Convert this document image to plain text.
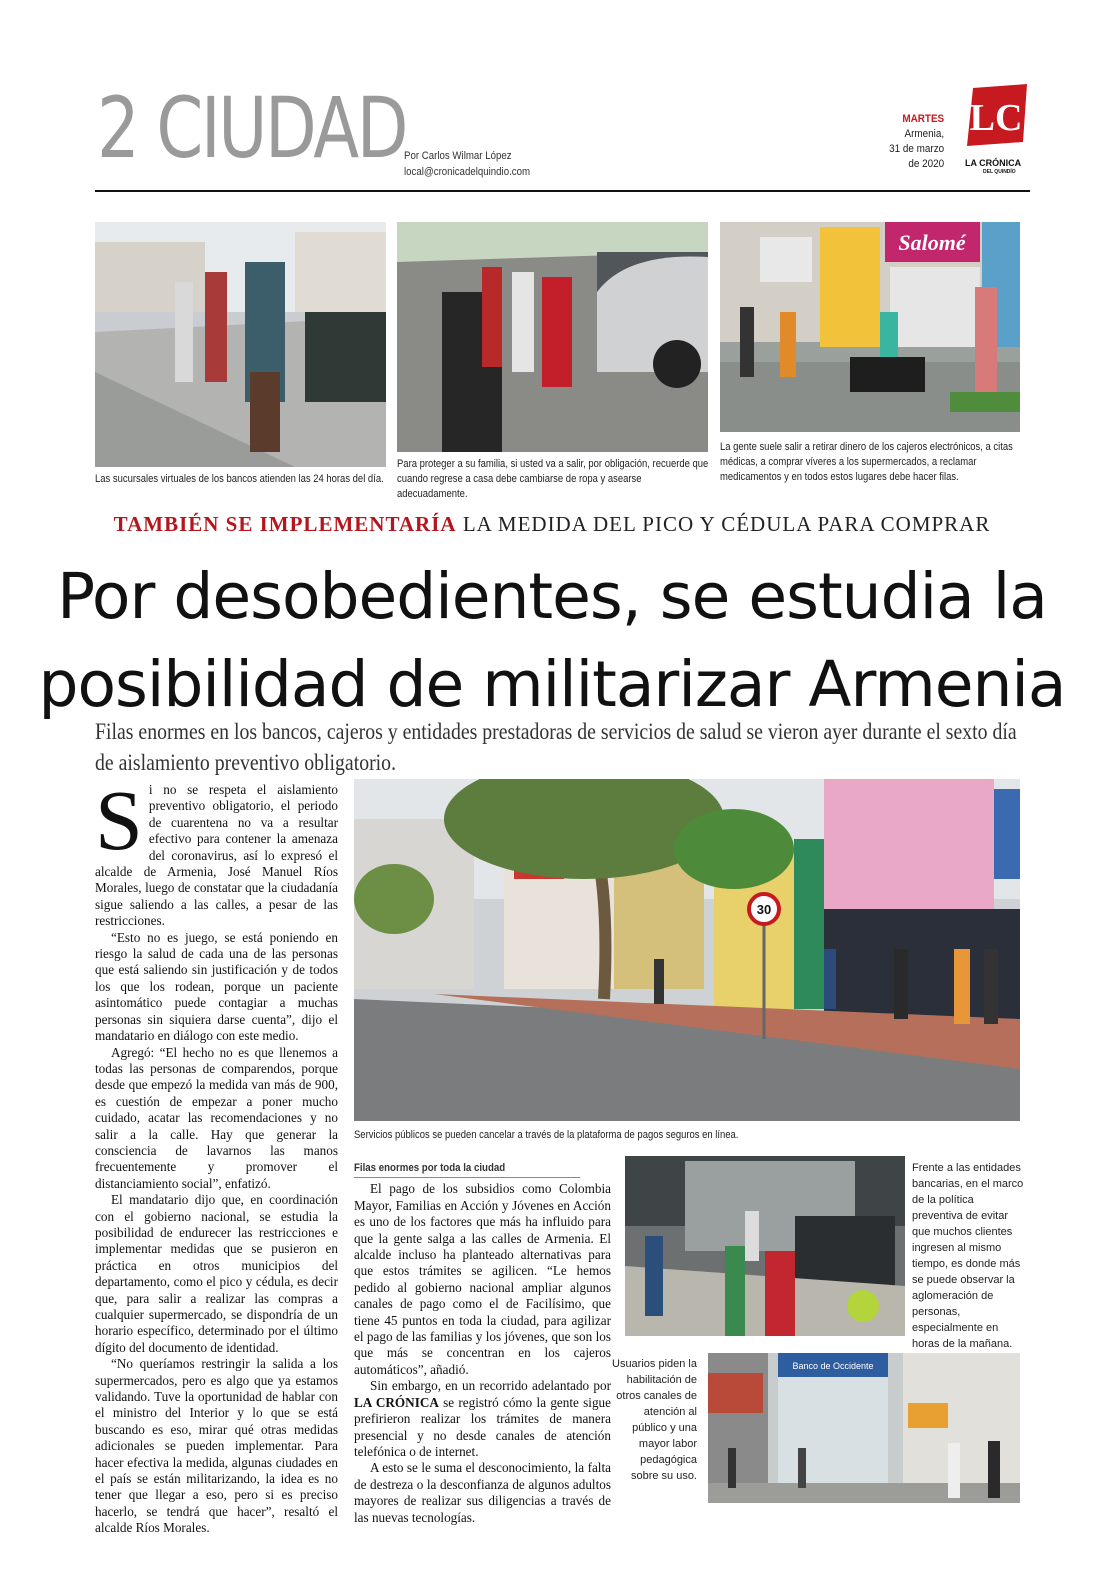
2 CIUDAD
Por Carlos Wilmar López
local@cronicadelquindio.com
MARTES
Armenia,
31 de marzo
de 2020
LC
LA CRÓNICA
DEL QUINDÍO
Las sucursales virtuales de los bancos atienden las 24 horas del día.
Para proteger a su familia, si usted va a salir, por obligación, recuerde que cuando regrese a casa debe cambiarse de ropa y asearse adecuadamente.
Salomé
La gente suele salir a retirar dinero de los cajeros electrónicos, a citas médicas, a comprar víveres a los supermercados, a reclamar medicamentos y en todos estos lugares debe hacer filas.
TAMBIÉN SE IMPLEMENTARÍA LA MEDIDA DEL PICO Y CÉDULA PARA COMPRAR
Por desobedientes, se estudia la
posibilidad de militarizar Armenia
Filas enormes en los bancos, cajeros y entidades prestadoras de servicios de salud se vieron ayer durante el sexto día de aislamiento preventivo obligatorio.

Si no se respeta el aislamiento preventivo obligatorio, el periodo de cuarentena no va a resultar efectivo para contener la amenaza del coronavirus, así lo expresó el alcalde de Armenia, José Manuel Ríos Morales, luego de constatar que la ciudadanía sigue saliendo a las calles, a pesar de las restricciones.

“Esto no es juego, se está poniendo en riesgo la salud de cada una de las personas que está saliendo sin justificación y de todos los que los rodean, porque un paciente asintomático puede contagiar a muchas personas sin siquiera darse cuenta”, dijo el mandatario en diálogo con este medio.

Agregó: “El hecho no es que llenemos a todas las personas de comparendos, porque desde que empezó la medida van más de 900, es cuestión de empezar a poner mucho cuidado, acatar las recomendaciones y no salir a la calle. Hay que generar la consciencia de lavarnos las manos frecuentemente y promover el distanciamiento social”, enfatizó.

El mandatario dijo que, en coordinación con el gobierno nacional, se estudia la posibilidad de endurecer las restricciones e implementar medidas que se pusieron en práctica en otros municipios del departamento, como el pico y cédula, es decir que, para salir a realizar las compras a cualquier supermercado, se dispondría de un horario específico, determinado por el último dígito del documento de identidad.

“No queríamos restringir la salida a los supermercados, pero es algo que ya estamos validando. Tuve la oportunidad de hablar con el ministro del Interior y lo que se está buscando es eso, mirar qué otras medidas adicionales se pueden implementar. Para hacer efectiva la medida, algunas ciudades en el país se están militarizando, la idea es no tener que llegar a eso, pero si es preciso hacerlo, se tendrá que hacer”, resaltó el alcalde Ríos Morales.

30
Servicios públicos se pueden cancelar a través de la plataforma de pagos seguros en línea.
Filas enormes por toda la ciudad

El pago de los subsidios como Colombia Mayor, Familias en Acción y Jóvenes en Acción es uno de los factores que más ha influido para que la gente salga a las calles de Armenia. El alcalde incluso ha planteado alternativas para que estos trámites se agilicen. “Le hemos pedido al gobierno nacional ampliar algunos canales de pago como el de Facilísimo, que tiene 45 puntos en toda la ciudad, para agilizar el pago de las familias y los jóvenes, que son los que más se concentran en los cajeros automáticos”, añadió.

Sin embargo, en un recorrido adelantado por LA CRÓNICA se registró cómo la gente sigue prefirieron realizar los trámites de manera presencial y no desde canales de atención telefónica o de internet.

A esto se le suma el desconocimiento, la falta de destreza o la desconfianza de algunos adultos mayores de realizar sus diligencias a través de las nuevas tecnologías.

Frente a las entidades bancarias, en el marco de la política preventiva de evitar que muchos clientes ingresen al mismo tiempo, es donde más se puede observar la aglomeración de personas, especialmente en horas de la mañana.
Banco de Occidente
Usuarios piden la habilitación de otros canales de atención al público y una mayor labor pedagógica sobre su uso.
